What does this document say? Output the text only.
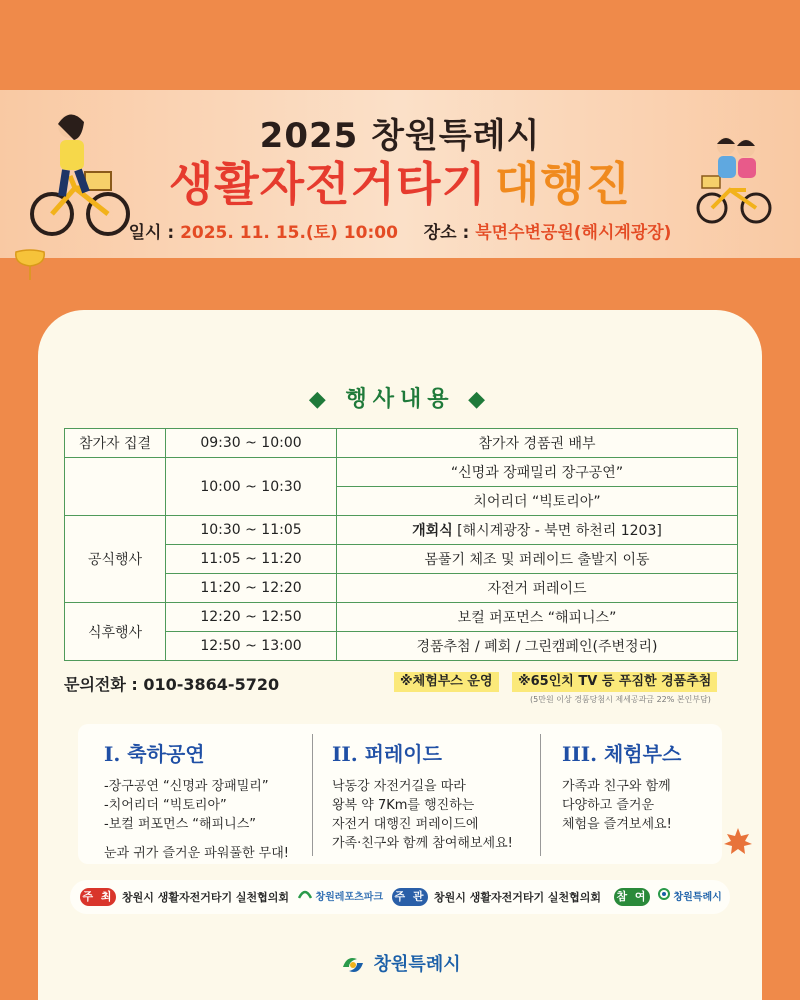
2025 창원특례시
생활자전거타기 대행진
일시 : 2025. 11. 15.(토) 10:00 장소 : 북면수변공원(해시계광장)
◆ 행사내용 ◆
참가자 집결	09:30 ~ 10:00	참가자 경품권 배부
	10:00 ~ 10:30	“신명과 장패밀리 장구공연”
		치어리더 “빅토리아”
공식행사	10:30 ~ 11:05	개회식 [해시계광장 - 북면 하천리 1203]
	11:05 ~ 11:20	몸풀기 체조 및 퍼레이드 출발지 이동
	11:20 ~ 12:20	자전거 퍼레이드
식후행사	12:20 ~ 12:50	보컬 퍼포먼스 “해피니스”
	12:50 ~ 13:00	경품추첨 / 폐회 / 그린캠페인(주변정리)
문의전화 : 010-3864-5720	※체험부스 운영	※65인치 TV 등 푸짐한 경품추첨
(5만원 이상 경품당첨시 제세공과금 22% 본인부담)
I. 축하공연
-장구공연 “신명과 장패밀리”
-치어리더 “빅토리아”
-보컬 퍼포먼스 “해피니스”
눈과 귀가 즐거운 파워풀한 무대!
II. 퍼레이드
낙동강 자전거길을 따라
왕복 약 7Km를 행진하는
자전거 대행진 퍼레이드에
가족·친구와 함께 참여해보세요!
III. 체험부스
가족과 친구와 함께
다양하고 즐거운
체험을 즐겨보세요!
주 최 창원시 생활자전거타기 실천협의회	창원레포츠파크 주 관 창원시 생활자전거타기 실천협의회 참 여	창원특례시
창원특례시
